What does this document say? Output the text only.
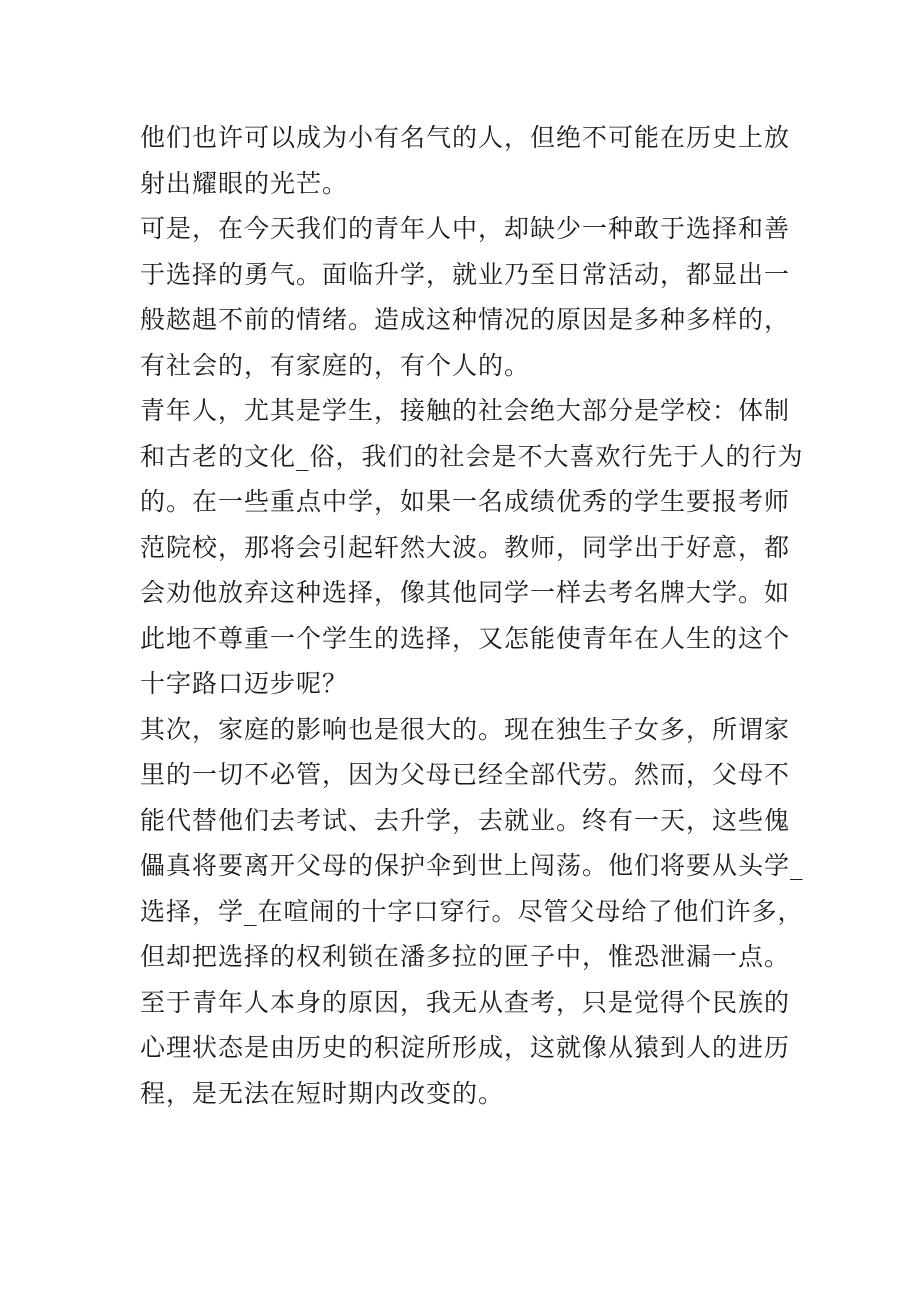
他们也许可以成为小有名气的人，但绝不可能在历史上放
射出耀眼的光芒。
可是，在今天我们的青年人中，却缺少一种敢于选择和善
于选择的勇气。面临升学，就业乃至日常活动，都显出一
般趑趄不前的情绪。造成这种情况的原因是多种多样的，
有社会的，有家庭的，有个人的。
青年人，尤其是学生，接触的社会绝大部分是学校：体制
和古老的文化_俗，我们的社会是不大喜欢行先于人的行为
的。在一些重点中学，如果一名成绩优秀的学生要报考师
范院校，那将会引起轩然大波。教师，同学出于好意，都
会劝他放弃这种选择，像其他同学一样去考名牌大学。如
此地不尊重一个学生的选择，又怎能使青年在人生的这个
十字路口迈步呢？
其次，家庭的影响也是很大的。现在独生子女多，所谓家
里的一切不必管，因为父母已经全部代劳。然而，父母不
能代替他们去考试、去升学，去就业。终有一天，这些傀
儡真将要离开父母的保护伞到世上闯荡。他们将要从头学_
选择，学_在喧闹的十字口穿行。尽管父母给了他们许多，
但却把选择的权利锁在潘多拉的匣子中，惟恐泄漏一点。
至于青年人本身的原因，我无从查考，只是觉得个民族的
心理状态是由历史的积淀所形成，这就像从猿到人的进历
程，是无法在短时期内改变的。
